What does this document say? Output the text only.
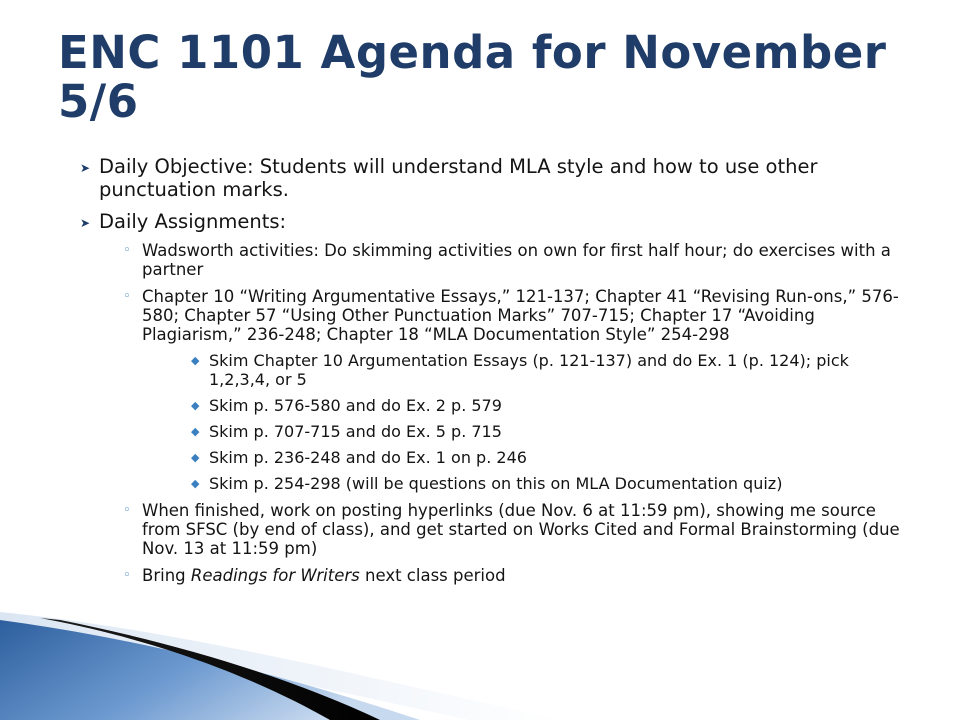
ENC 1101 Agenda for November 5/6
➤ Daily Objective: Students will understand MLA style and how to use other punctuation marks.
➤ Daily Assignments:
◦ Wadsworth activities: Do skimming activities on own for first half hour; do exercises with a partner
◦ Chapter 10 “Writing Argumentative Essays,” 121-137; Chapter 41 “Revising Run-ons,” 576-580; Chapter 57 “Using Other Punctuation Marks” 707-715; Chapter 17 “Avoiding Plagiarism,” 236-248; Chapter 18 “MLA Documentation Style” 254-298
◆ Skim Chapter 10 Argumentation Essays (p. 121-137) and do Ex. 1 (p. 124); pick 1,2,3,4, or 5
◆ Skim p. 576-580 and do Ex. 2 p. 579
◆ Skim p. 707-715 and do Ex. 5 p. 715
◆ Skim p. 236-248 and do Ex. 1 on p. 246
◆ Skim p. 254-298 (will be questions on this on MLA Documentation quiz)
◦ When finished, work on posting hyperlinks (due Nov. 6 at 11:59 pm), showing me source from SFSC (by end of class), and get started on Works Cited and Formal Brainstorming (due Nov. 13 at 11:59 pm)
◦ Bring Readings for Writers next class period
